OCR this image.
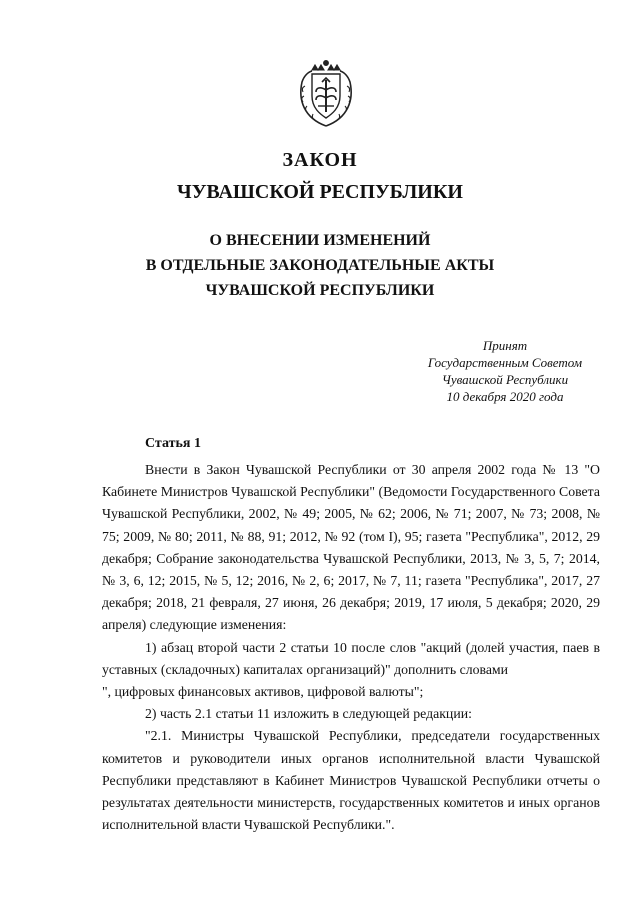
ЗАКОН
ЧУВАШСКОЙ РЕСПУБЛИКИ
О ВНЕСЕНИИ ИЗМЕНЕНИЙ
В ОТДЕЛЬНЫЕ ЗАКОНОДАТЕЛЬНЫЕ АКТЫ
ЧУВАШСКОЙ РЕСПУБЛИКИ
Принят
Государственным Советом
Чувашской Республики
10 декабря 2020 года
Статья 1

Внести в Закон Чувашской Республики от 30 апреля 2002 года № 13 "О Кабинете Министров Чувашской Республики" (Ведомости Государственного Совета Чувашской Республики, 2002, № 49; 2005, № 62; 2006, № 71; 2007, № 73; 2008, № 75; 2009, № 80; 2011, № 88, 91; 2012, № 92 (том I), 95; газета "Республика", 2012, 29 декабря; Собрание законодательства Чувашской Республики, 2013, № 3, 5, 7; 2014, № 3, 6, 12; 2015, № 5, 12; 2016, № 2, 6; 2017, № 7, 11; газета "Республика", 2017, 27 декабря; 2018, 21 февраля, 27 июня, 26 декабря; 2019, 17 июля, 5 декабря; 2020, 29 апреля) следующие изменения:

1) абзац второй части 2 статьи 10 после слов "акций (долей участия, паев в уставных (складочных) капиталах организаций)" дополнить словами

", цифровых финансовых активов, цифровой валюты";

2) часть 2.1 статьи 11 изложить в следующей редакции:

"2.1. Министры Чувашской Республики, председатели государственных комитетов и руководители иных органов исполнительной власти Чувашской Республики представляют в Кабинет Министров Чувашской Республики отчеты о результатах деятельности министерств, государственных комитетов и иных органов исполнительной власти Чувашской Республики.".
